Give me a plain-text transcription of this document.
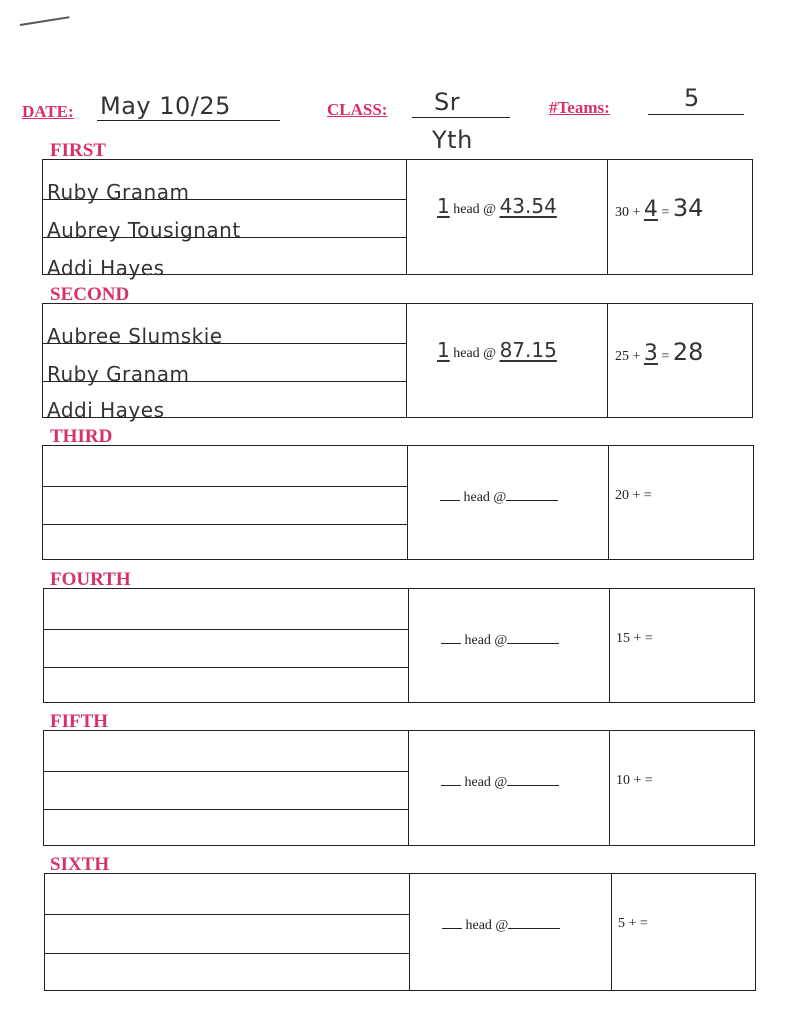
DATE: May 10/25	CLASS: Sr
Yth
#Teams:	5
FIRST
Ruby Granam
Aubrey Tousignant
Addi Hayes
1 head @ 43.54	30 + 4 = 34
SECOND
Aubree Slumskie
Ruby Granam
Addi Hayes
1 head @ 87.15	25 + 3 = 28
THIRD
head @	20 + =
FOURTH
head @	15 + =
FIFTH
head @	10 + =
SIXTH
head @	5 + =
